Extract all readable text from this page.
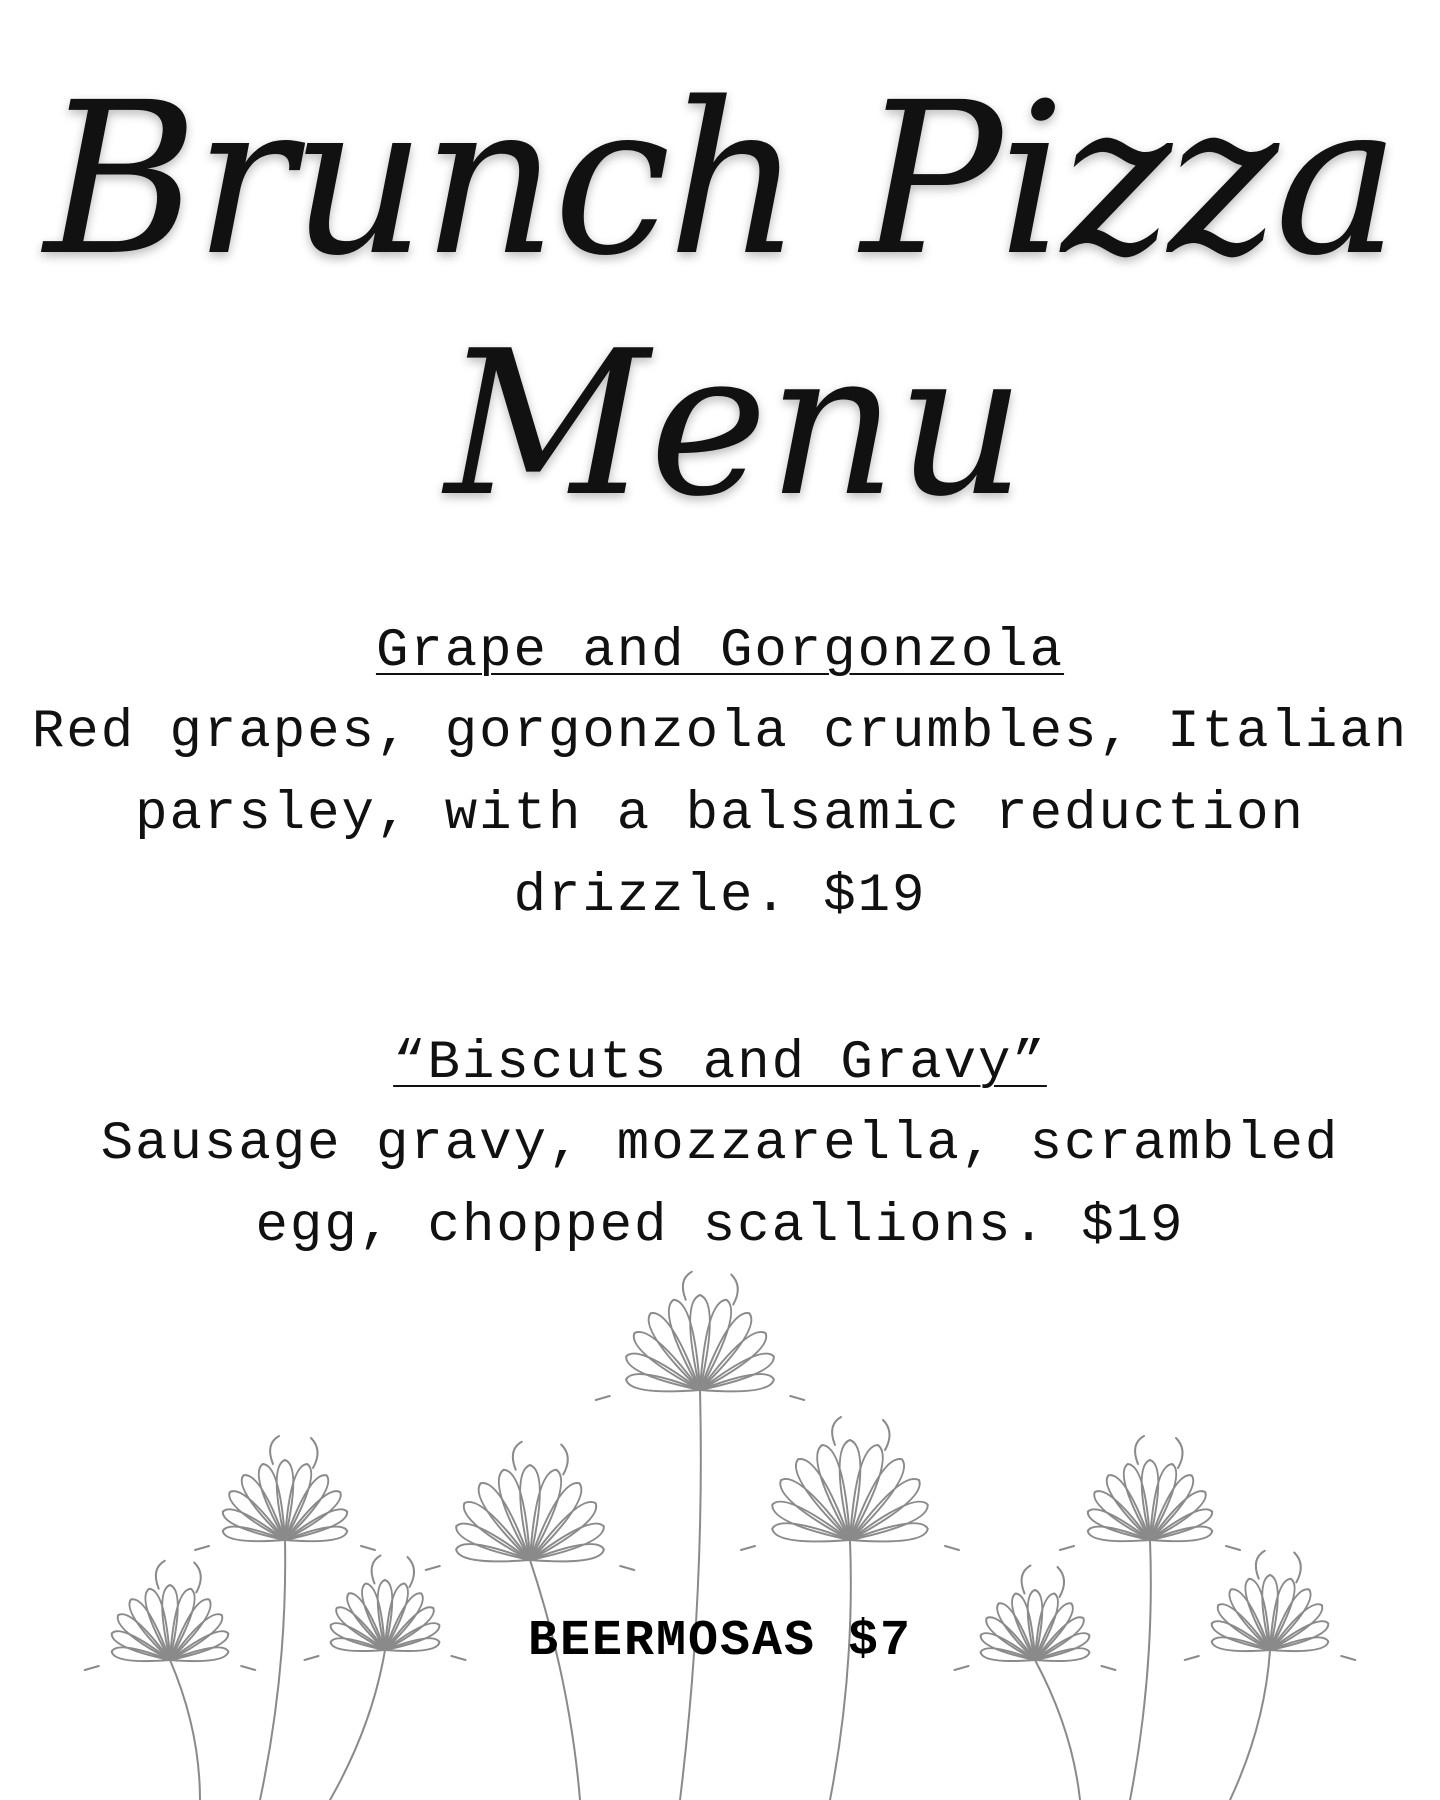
Brunch Pizza
Menu
Grape and Gorgonzola
Red grapes, gorgonzola crumbles, Italian parsley, with a balsamic reduction drizzle. $19
“Biscuts and Gravy”
Sausage gravy, mozzarella, scrambled egg, chopped scallions. $19
BEERMOSAS $7
